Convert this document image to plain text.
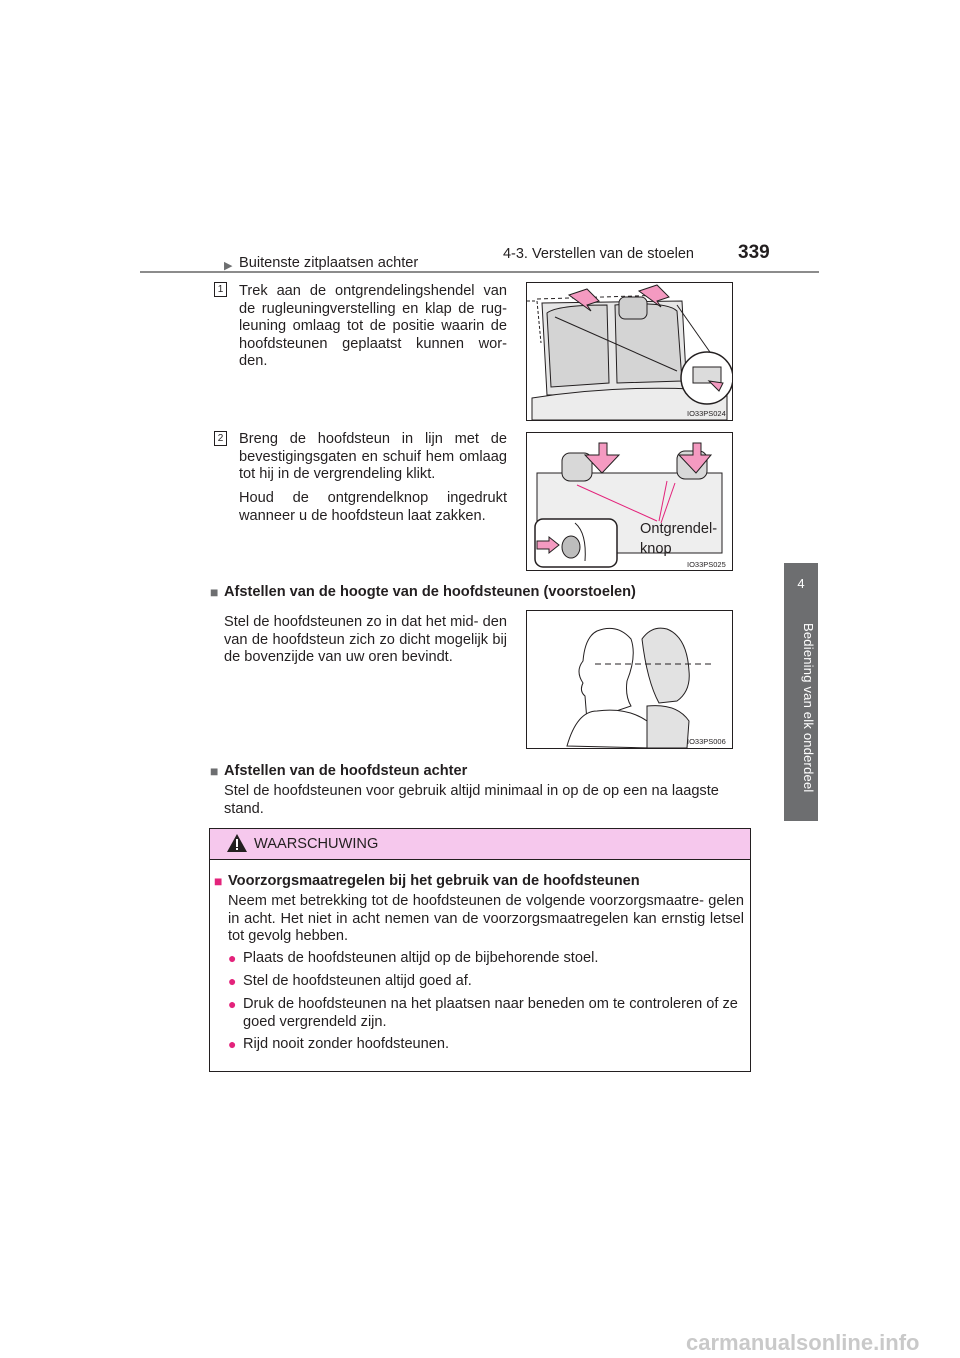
4-3. Verstellen van de stoelen 339
4
Bediening van elk onderdeel
▶ Buitenste zitplaatsen achter
1 Trek aan de ontgrendelingshendel van de rugleuningverstelling en klap de rug- leuning omlaag tot de positie waarin de hoofdsteunen geplaatst kunnen wor- den.
IO33PS024
2 Breng de hoofdsteun in lijn met de bevestigingsgaten en schuif hem omlaag tot hij in de vergrendeling klikt.
Houd de ontgrendelknop ingedrukt wanneer u de hoofdsteun laat zakken.
Ontgrendel-
knop
IO33PS025
■ Afstellen van de hoogte van de hoofdsteunen (voorstoelen)
Stel de hoofdsteunen zo in dat het mid- den van de hoofdsteun zich zo dicht mogelijk bij de bovenzijde van uw oren bevindt.
IO33PS006
■ Afstellen van de hoofdsteun achter
Stel de hoofdsteunen voor gebruik altijd minimaal in op de op een na laagste stand.
WAARSCHUWING
■ Voorzorgsmaatregelen bij het gebruik van de hoofdsteunen
Neem met betrekking tot de hoofdsteunen de volgende voorzorgsmaatre- gelen in acht. Het niet in acht nemen van de voorzorgsmaatregelen kan ernstig letsel tot gevolg hebben.
● Plaats de hoofdsteunen altijd op de bijbehorende stoel.
● Stel de hoofdsteunen altijd goed af.
● Druk de hoofdsteunen na het plaatsen naar beneden om te controleren of ze goed vergrendeld zijn.
● Rijd nooit zonder hoofdsteunen.
carmanualsonline.info
